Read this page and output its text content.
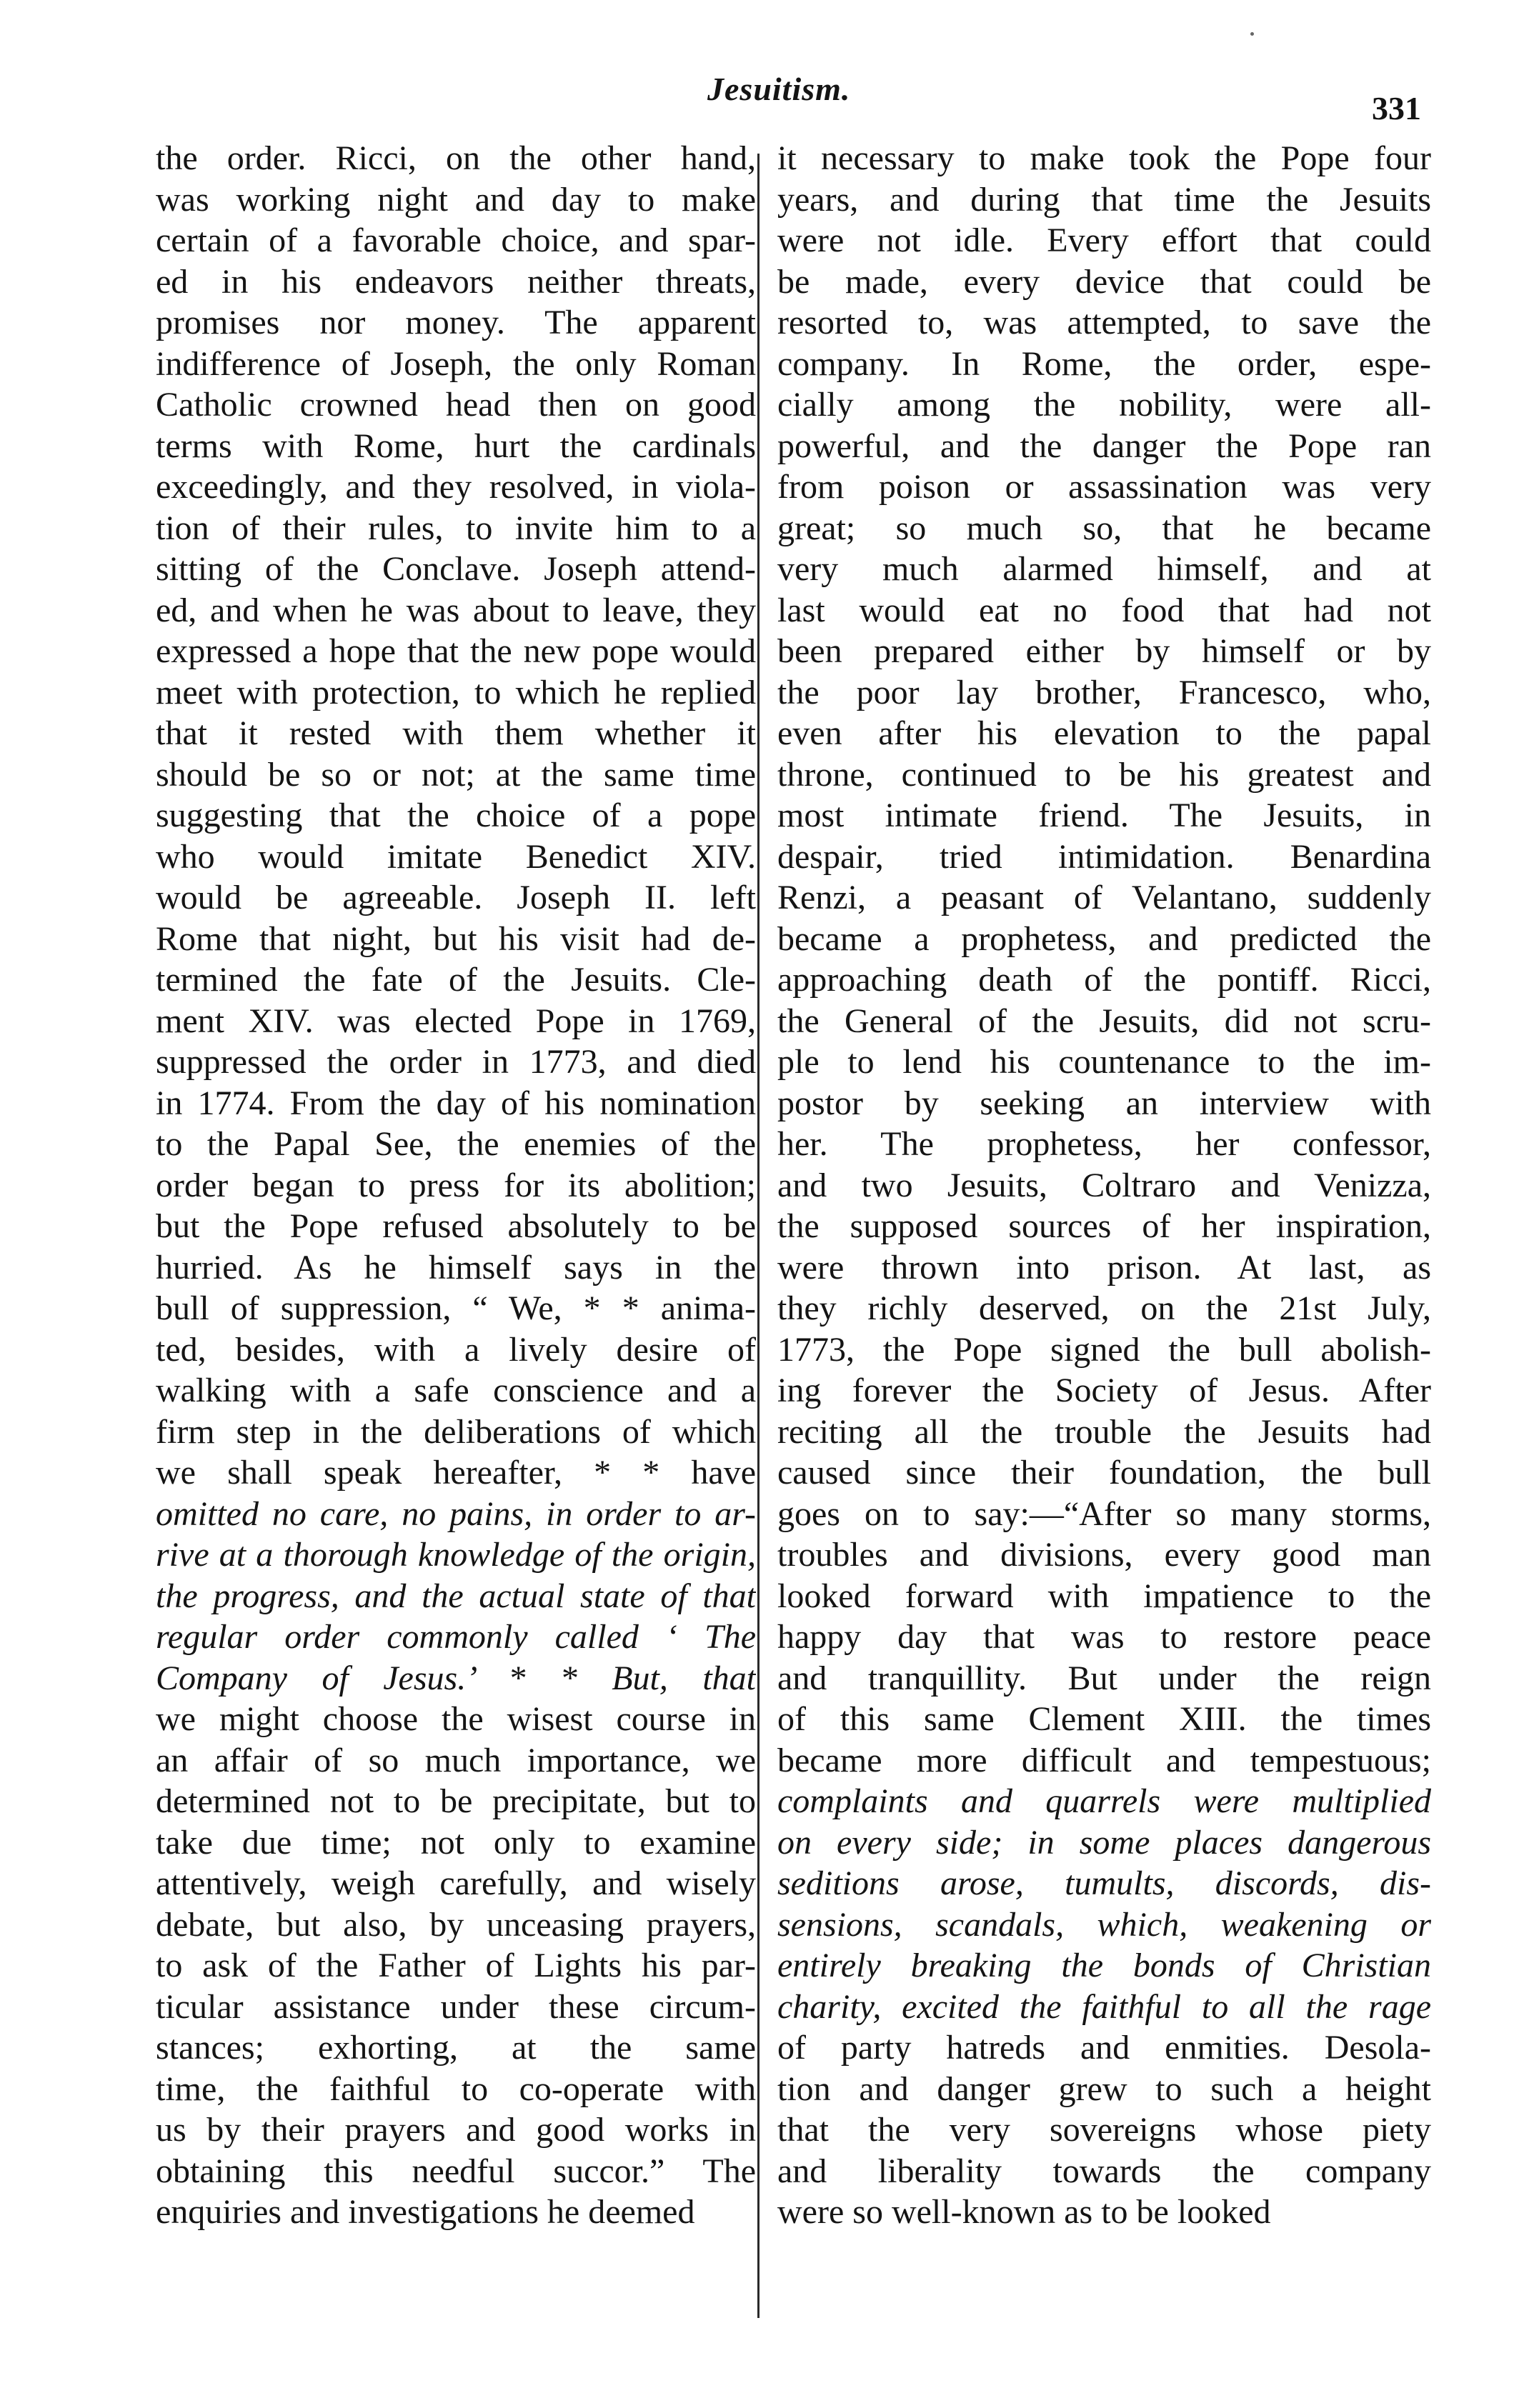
Jesuitism.
331
the order. Ricci, on the other hand,
was working night and day to make
certain of a favorable choice, and spar-
ed in his endeavors neither threats,
promises nor money. The apparent
indifference of Joseph, the only Roman
Catholic crowned head then on good
terms with Rome, hurt the cardinals
exceedingly, and they resolved, in viola-
tion of their rules, to invite him to a
sitting of the Conclave. Joseph attend-
ed, and when he was about to leave, they
expressed a hope that the new pope would
meet with protection, to which he replied
that it rested with them whether it
should be so or not; at the same time
suggesting that the choice of a pope
who would imitate Benedict XIV.
would be agreeable. Joseph II. left
Rome that night, but his visit had de-
termined the fate of the Jesuits. Cle-
ment XIV. was elected Pope in 1769,
suppressed the order in 1773, and died
in 1774. From the day of his nomination
to the Papal See, the enemies of the
order began to press for its abolition;
but the Pope refused absolutely to be
hurried. As he himself says in the
bull of suppression, “ We, * * anima-
ted, besides, with a lively desire of
walking with a safe conscience and a
firm step in the deliberations of which
we shall speak hereafter, * * have
omitted no care, no pains, in order to ar-
rive at a thorough knowledge of the origin,
the progress, and the actual state of that
regular order commonly called ‘ The
Company of Jesus.’ * * But, that
we might choose the wisest course in
an affair of so much importance, we
determined not to be precipitate, but to
take due time; not only to examine
attentively, weigh carefully, and wisely
debate, but also, by unceasing prayers,
to ask of the Father of Lights his par-
ticular assistance under these circum-
stances; exhorting, at the same
time, the faithful to co-operate with
us by their prayers and good works in
obtaining this needful succor.” The
enquiries and investigations he deemed
it necessary to make took the Pope four
years, and during that time the Jesuits
were not idle. Every effort that could
be made, every device that could be
resorted to, was attempted, to save the
company. In Rome, the order, espe-
cially among the nobility, were all-
powerful, and the danger the Pope ran
from poison or assassination was very
great; so much so, that he became
very much alarmed himself, and at
last would eat no food that had not
been prepared either by himself or by
the poor lay brother, Francesco, who,
even after his elevation to the papal
throne, continued to be his greatest and
most intimate friend. The Jesuits, in
despair, tried intimidation. Benardina
Renzi, a peasant of Velantano, suddenly
became a prophetess, and predicted the
approaching death of the pontiff. Ricci,
the General of the Jesuits, did not scru-
ple to lend his countenance to the im-
postor by seeking an interview with
her. The prophetess, her confessor,
and two Jesuits, Coltraro and Venizza,
the supposed sources of her inspiration,
were thrown into prison. At last, as
they richly deserved, on the 21st July,
1773, the Pope signed the bull abolish-
ing forever the Society of Jesus. After
reciting all the trouble the Jesuits had
caused since their foundation, the bull
goes on to say:—“After so many storms,
troubles and divisions, every good man
looked forward with impatience to the
happy day that was to restore peace
and tranquillity. But under the reign
of this same Clement XIII. the times
became more difficult and tempestuous;
complaints and quarrels were multiplied
on every side; in some places dangerous
seditions arose, tumults, discords, dis-
sensions, scandals, which, weakening or
entirely breaking the bonds of Christian
charity, excited the faithful to all the rage
of party hatreds and enmities. Desola-
tion and danger grew to such a height
that the very sovereigns whose piety
and liberality towards the company
were so well-known as to be looked
